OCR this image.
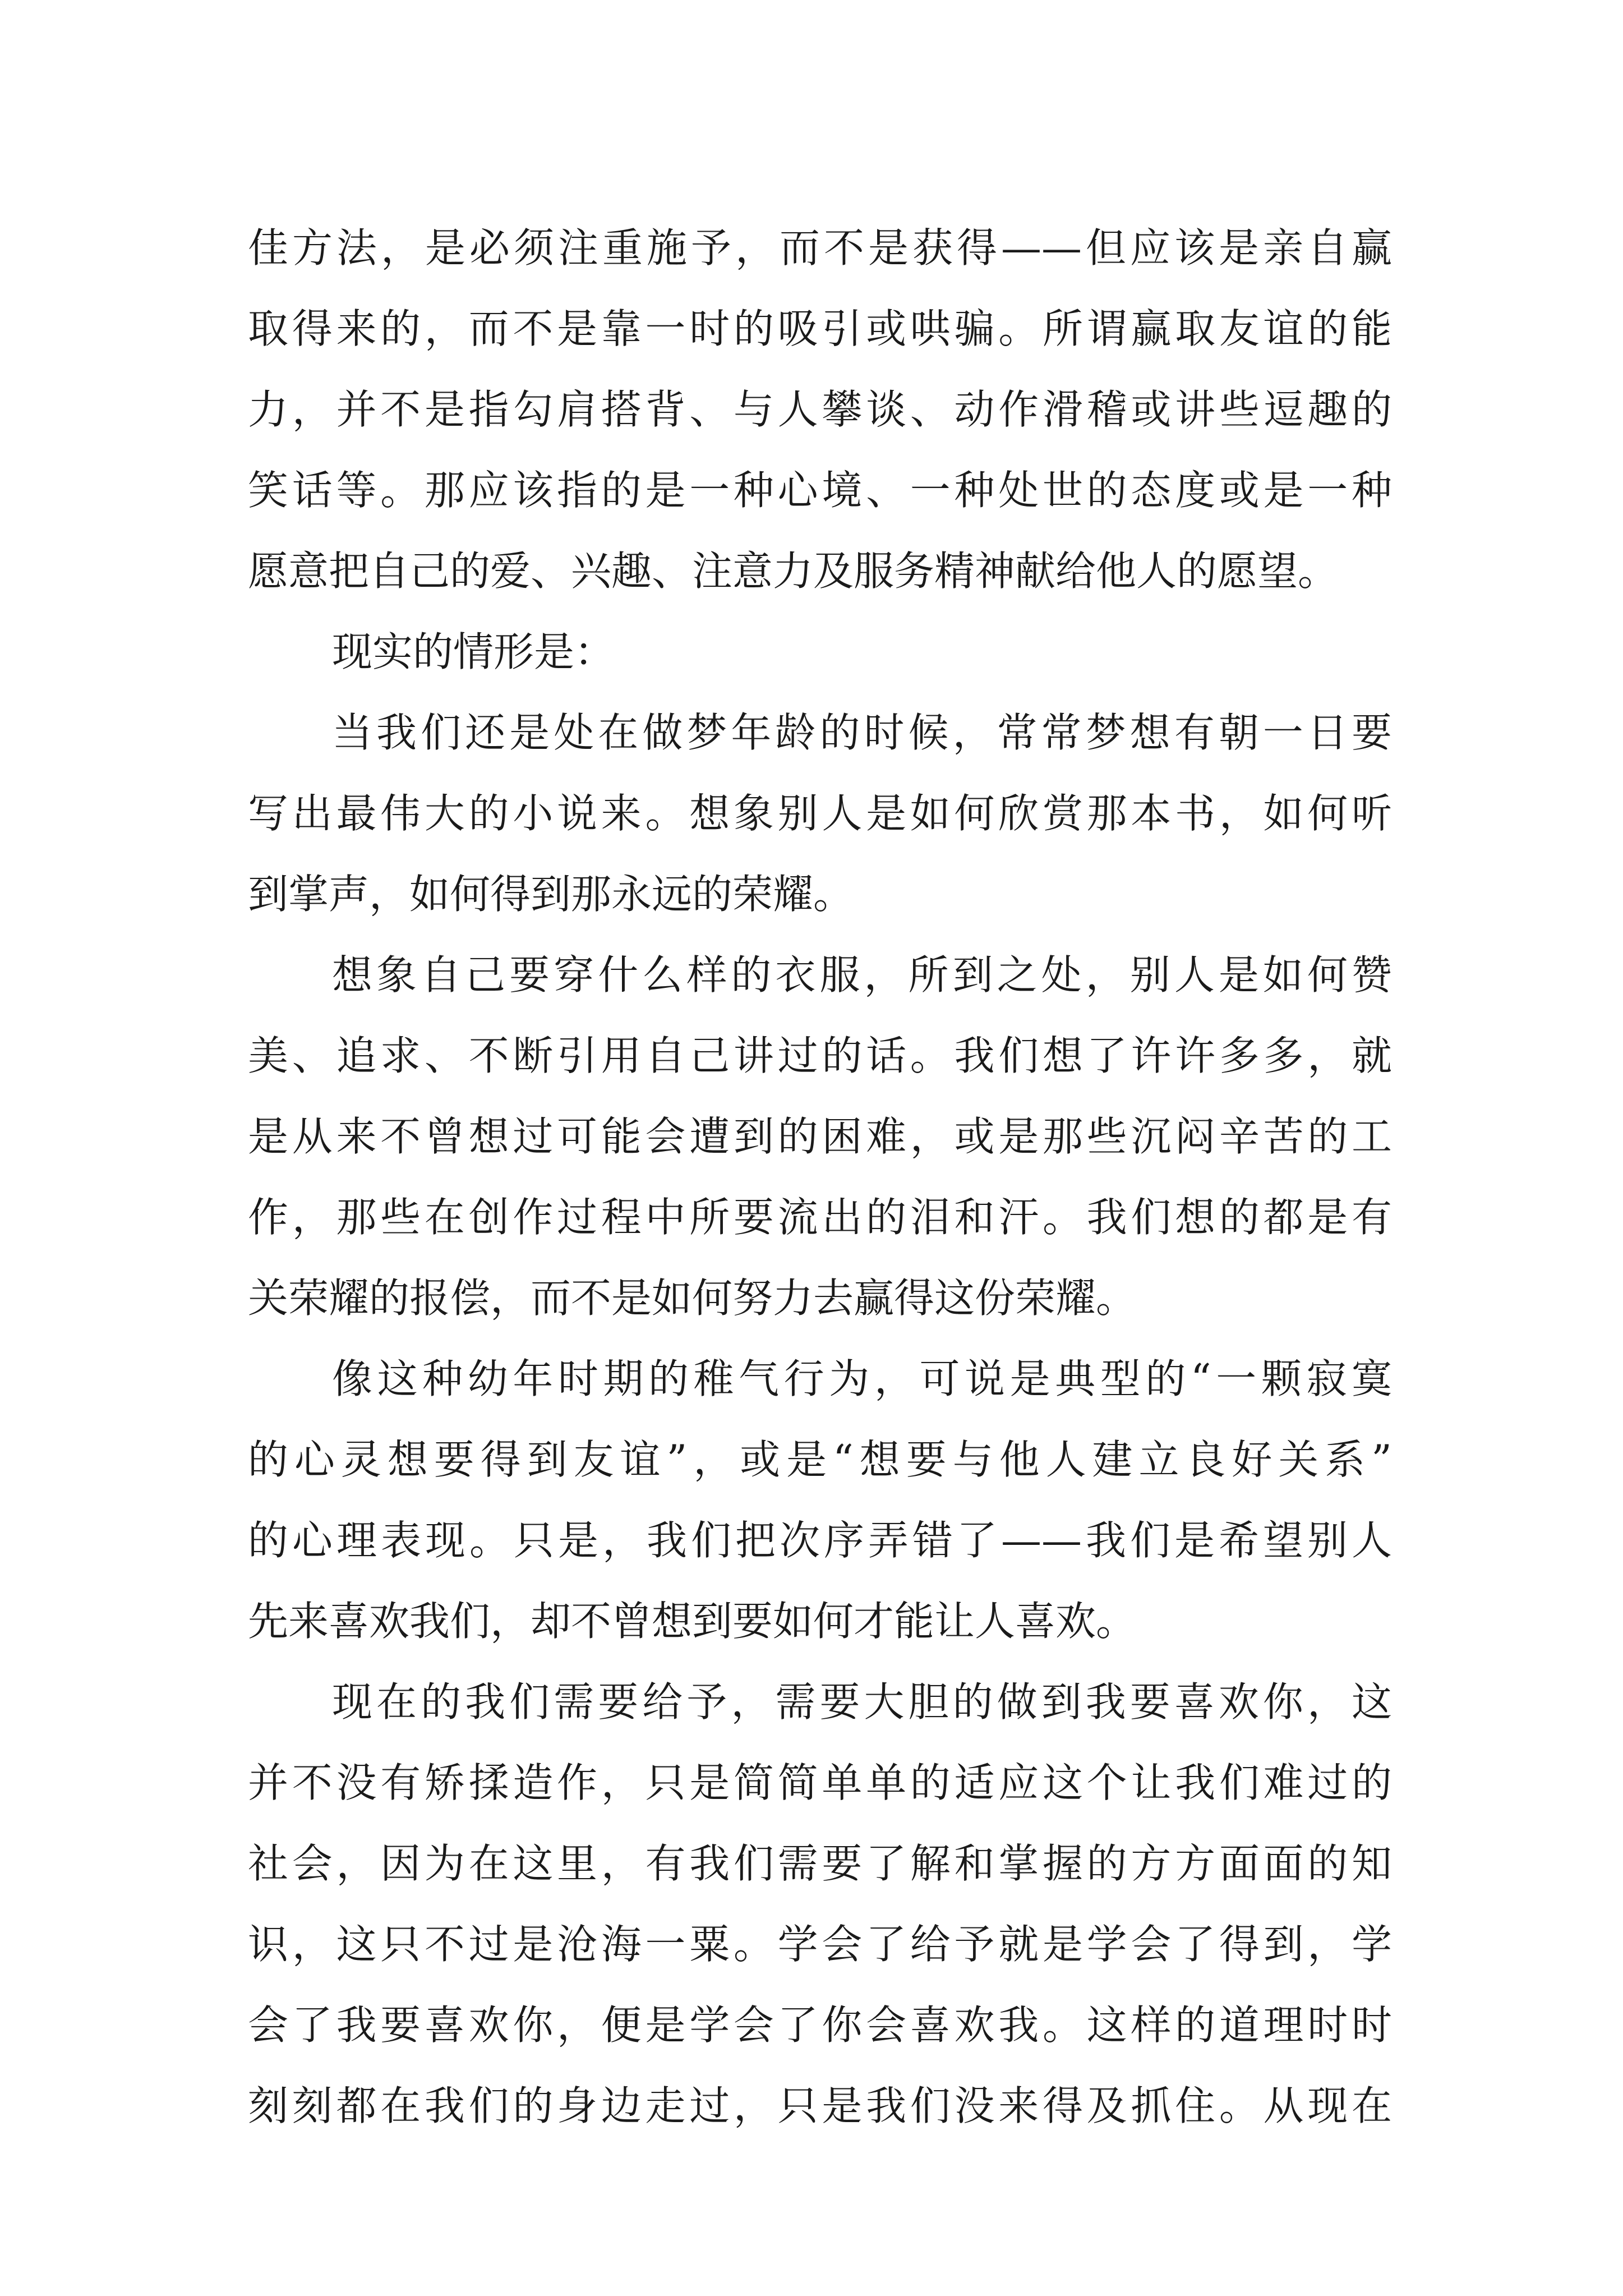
佳方法，是必须注重施予，而不是获得——但应该是亲自赢
取得来的，而不是靠一时的吸引或哄骗。所谓赢取友谊的能
力，并不是指勾肩搭背、与人攀谈、动作滑稽或讲些逗趣的
笑话等。那应该指的是一种心境、一种处世的态度或是一种
愿意把自己的爱、兴趣、注意力及服务精神献给他人的愿望。
现实的情形是：
当我们还是处在做梦年龄的时候，常常梦想有朝一日要
写出最伟大的小说来。想象别人是如何欣赏那本书，如何听
到掌声，如何得到那永远的荣耀。
想象自己要穿什么样的衣服，所到之处，别人是如何赞
美、追求、不断引用自己讲过的话。我们想了许许多多，就
是从来不曾想过可能会遭到的困难，或是那些沉闷辛苦的工
作，那些在创作过程中所要流出的泪和汗。我们想的都是有
关荣耀的报偿，而不是如何努力去赢得这份荣耀。
像这种幼年时期的稚气行为，可说是典型的“一颗寂寞
的心灵想要得到友谊”，或是“想要与他人建立良好关系”
的心理表现。只是，我们把次序弄错了——我们是希望别人
先来喜欢我们，却不曾想到要如何才能让人喜欢。
现在的我们需要给予，需要大胆的做到我要喜欢你，这
并不没有矫揉造作，只是简简单单的适应这个让我们难过的
社会，因为在这里，有我们需要了解和掌握的方方面面的知
识，这只不过是沧海一粟。学会了给予就是学会了得到，学
会了我要喜欢你，便是学会了你会喜欢我。这样的道理时时
刻刻都在我们的身边走过，只是我们没来得及抓住。从现在
